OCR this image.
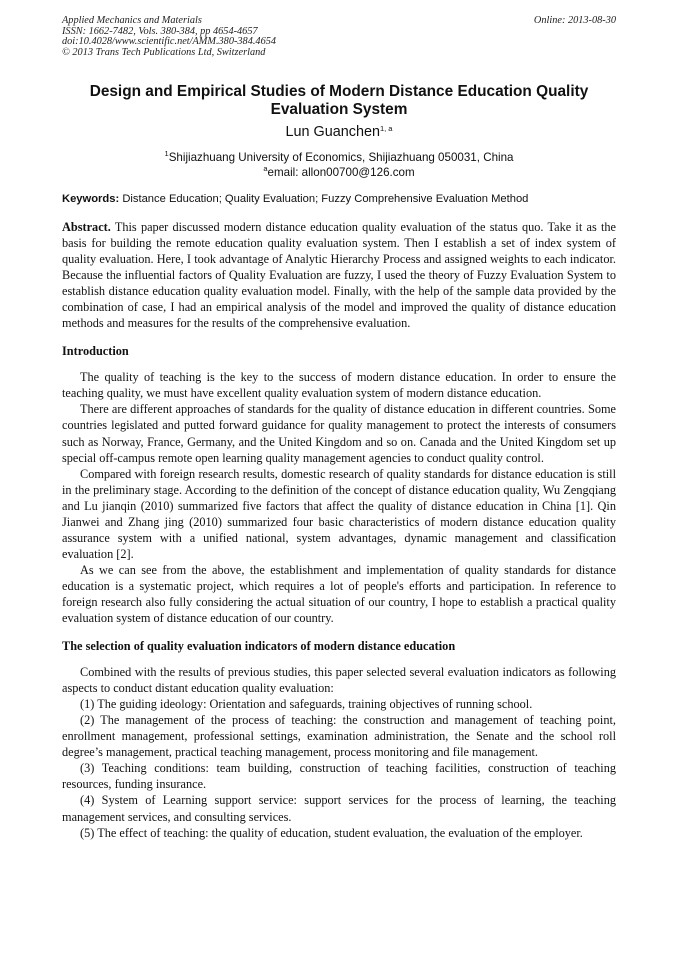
Applied Mechanics and Materials
ISSN: 1662-7482, Vols. 380-384, pp 4654-4657
doi:10.4028/www.scientific.net/AMM.380-384.4654
© 2013 Trans Tech Publications Ltd, Switzerland
Online: 2013-08-30
Design and Empirical Studies of Modern Distance Education Quality
Evaluation System
Lun Guanchen$^{1, a}$
$^1$Shijiazhuang University of Economics, Shijiazhuang 050031, China
$^a$email: allon00700@126.com
Keywords: Distance Education; Quality Evaluation; Fuzzy Comprehensive Evaluation Method

Abstract. This paper discussed modern distance education quality evaluation of the status quo. Take it as the basis for building the remote education quality evaluation system. Then I establish a set of index system of quality evaluation. Here, I took advantage of Analytic Hierarchy Process and assigned weights to each indicator. Because the influential factors of Quality Evaluation are fuzzy, I used the theory of Fuzzy Evaluation System to establish distance education quality evaluation model. Finally, with the help of the sample data provided by the combination of case, I had an empirical analysis of the model and improved the quality of distance education methods and measures for the results of the comprehensive evaluation.

Introduction

The quality of teaching is the key to the success of modern distance education. In order to ensure the teaching quality, we must have excellent quality evaluation system of modern distance education.

There are different approaches of standards for the quality of distance education in different countries. Some countries legislated and putted forward guidance for quality management to protect the interests of consumers such as Norway, France, Germany, and the United Kingdom and so on. Canada and the United Kingdom set up special off-campus remote open learning quality management agencies to conduct quality control.

Compared with foreign research results, domestic research of quality standards for distance education is still in the preliminary stage. According to the definition of the concept of distance education quality, Wu Zengqiang and Lu jianqin (2010) summarized five factors that affect the quality of distance education in China [1]. Qin Jianwei and Zhang jing (2010) summarized four basic characteristics of modern distance education quality assurance system with a unified national, system advantages, dynamic management and classification evaluation [2].

As we can see from the above, the establishment and implementation of quality standards for distance education is a systematic project, which requires a lot of people's efforts and participation. In reference to foreign research also fully considering the actual situation of our country, I hope to establish a practical quality evaluation system of distance education of our country.

The selection of quality evaluation indicators of modern distance education

Combined with the results of previous studies, this paper selected several evaluation indicators as following aspects to conduct distant education quality evaluation:

(1) The guiding ideology: Orientation and safeguards, training objectives of running school.

(2) The management of the process of teaching: the construction and management of teaching point, enrollment management, professional settings, examination administration, the Senate and the school roll degree’s management, practical teaching management, process monitoring and file management.

(3) Teaching conditions: team building, construction of teaching facilities, construction of teaching resources, funding insurance.

(4) System of Learning support service: support services for the process of learning, the teaching management services, and consulting services.

(5) The effect of teaching: the quality of education, student evaluation, the evaluation of the employer.
